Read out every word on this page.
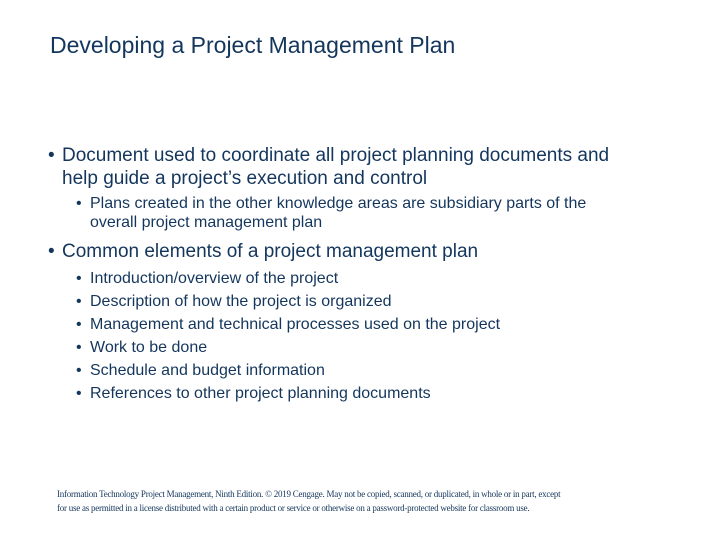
Developing a Project Management Plan
• Document used to coordinate all project planning documents and
help guide a project’s execution and control
• Plans created in the other knowledge areas are subsidiary parts of the
overall project management plan
• Common elements of a project management plan
• Introduction/overview of the project
• Description of how the project is organized
• Management and technical processes used on the project
• Work to be done
• Schedule and budget information
• References to other project planning documents
Information Technology Project Management, Ninth Edition. © 2019 Cengage. May not be copied, scanned, or duplicated, in whole or in part, except
for use as permitted in a license distributed with a certain product or service or otherwise on a password-protected website for classroom use.
